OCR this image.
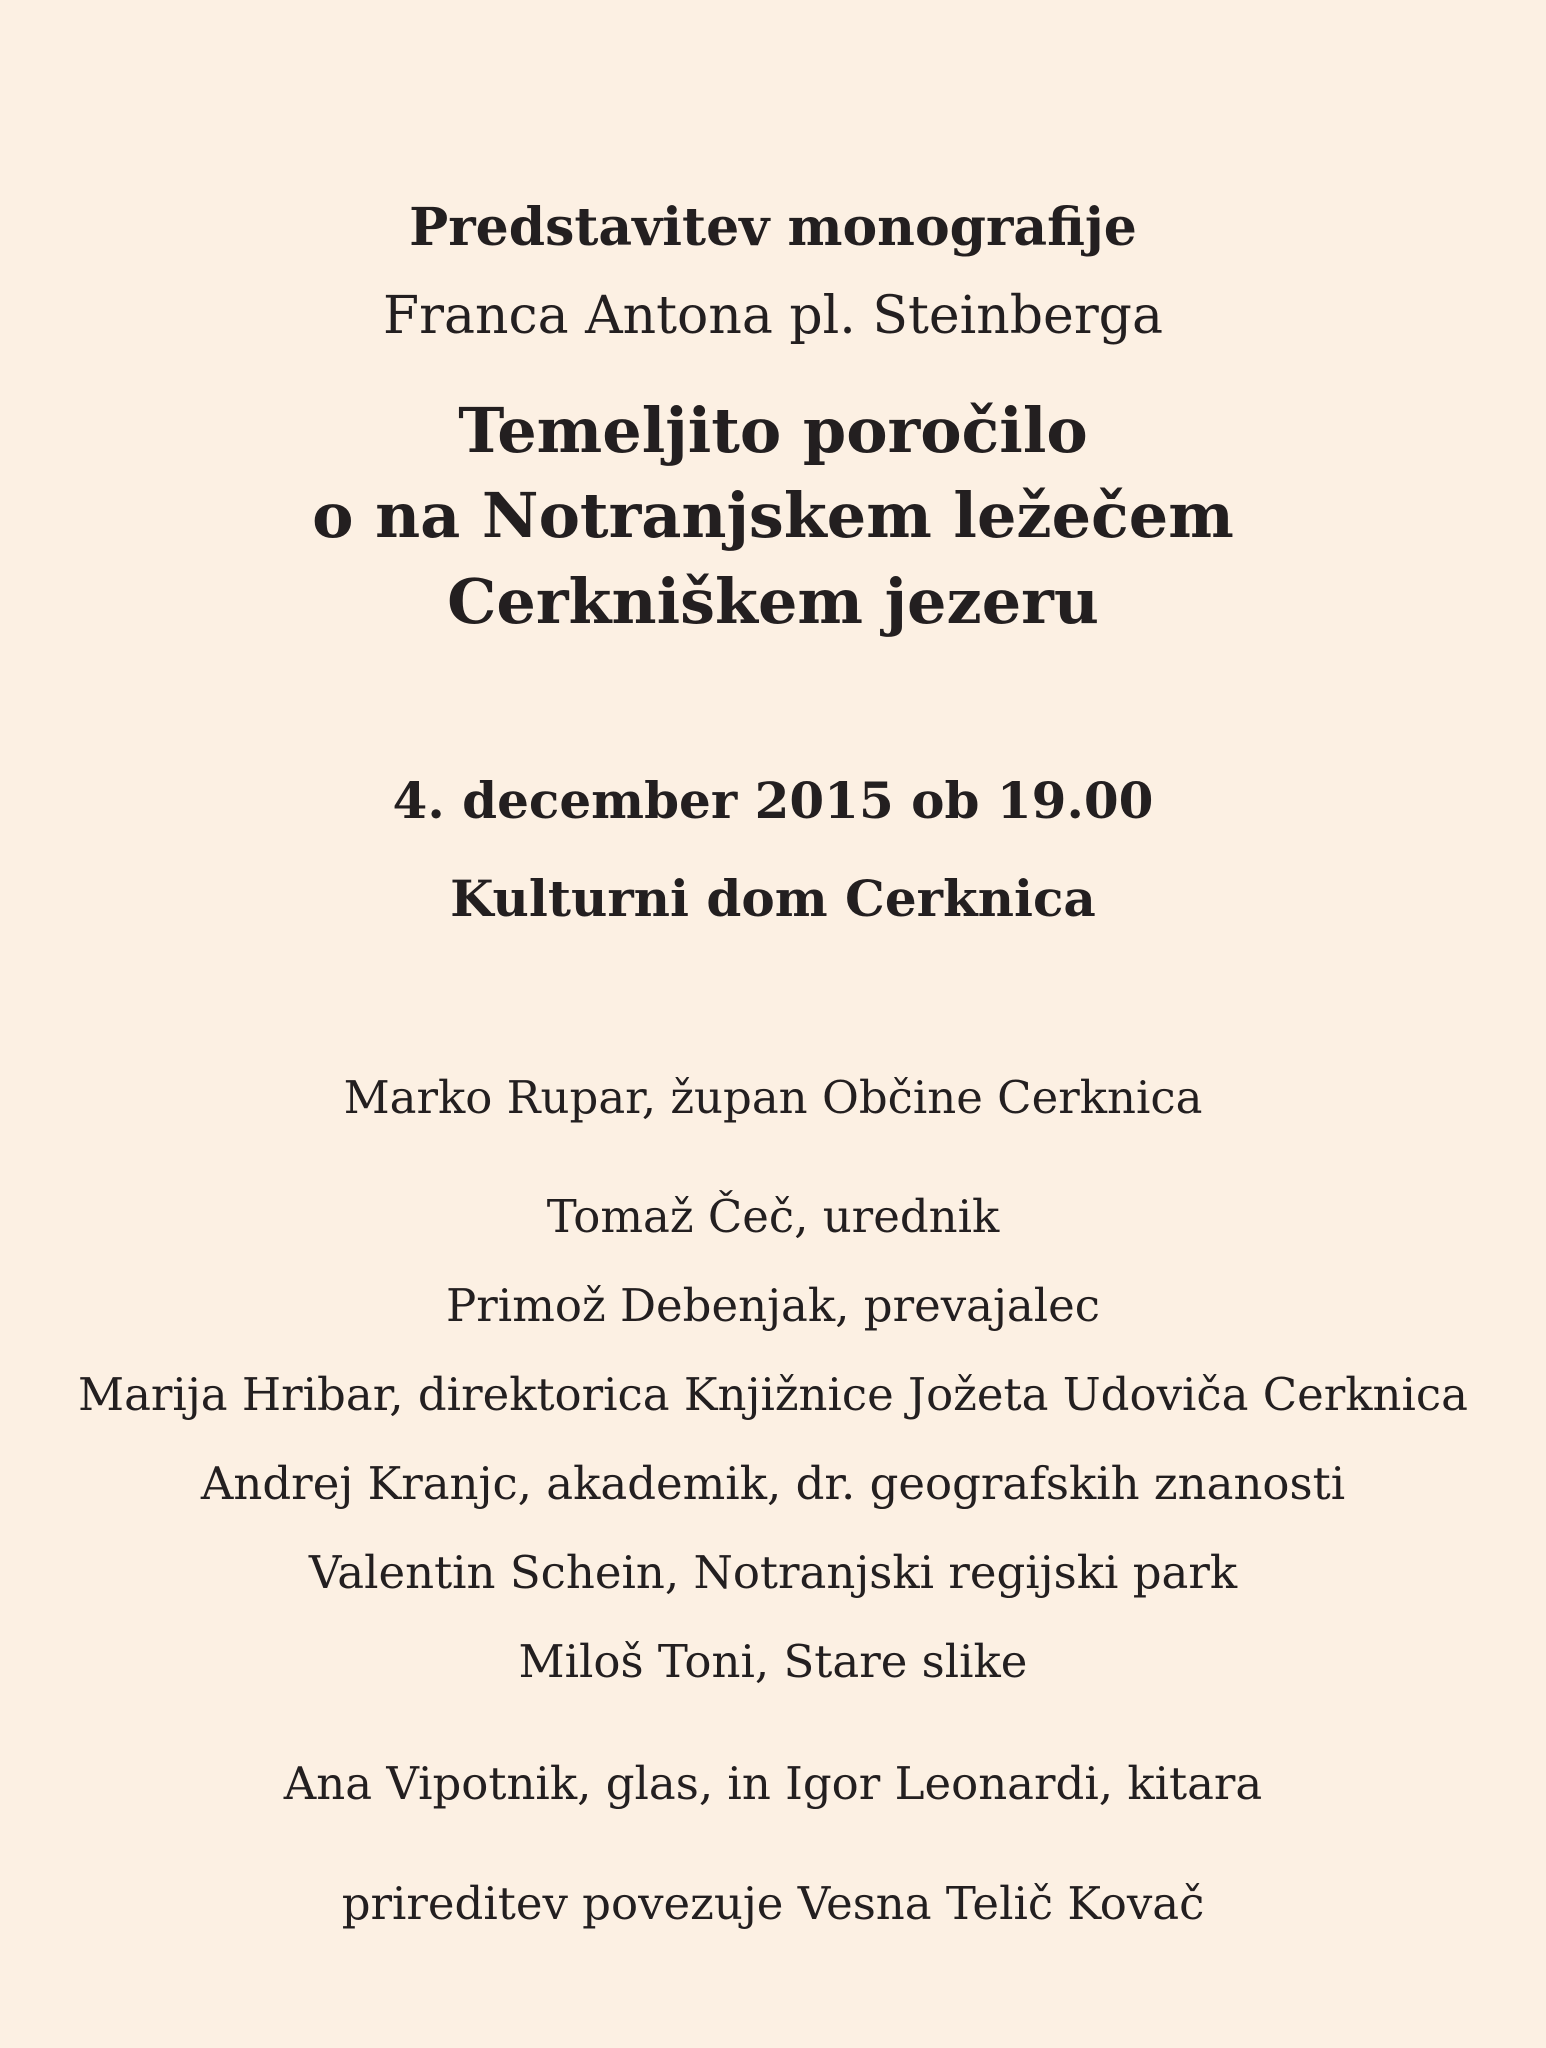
Predstavitev monografije

Franca Antona pl. Steinberga

Temeljito poročilo

o na Notranjskem ležečem

Cerkniškem jezeru

4. december 2015 ob 19.00

Kulturni dom Cerknica

Marko Rupar, župan Občine Cerknica

Tomaž Čeč, urednik

Primož Debenjak, prevajalec

Marija Hribar, direktorica Knjižnice Jožeta Udoviča Cerknica

Andrej Kranjc, akademik, dr. geografskih znanosti

Valentin Schein, Notranjski regijski park

Miloš Toni, Stare slike

Ana Vipotnik, glas, in Igor Leonardi, kitara

prireditev povezuje Vesna Telič Kovač
